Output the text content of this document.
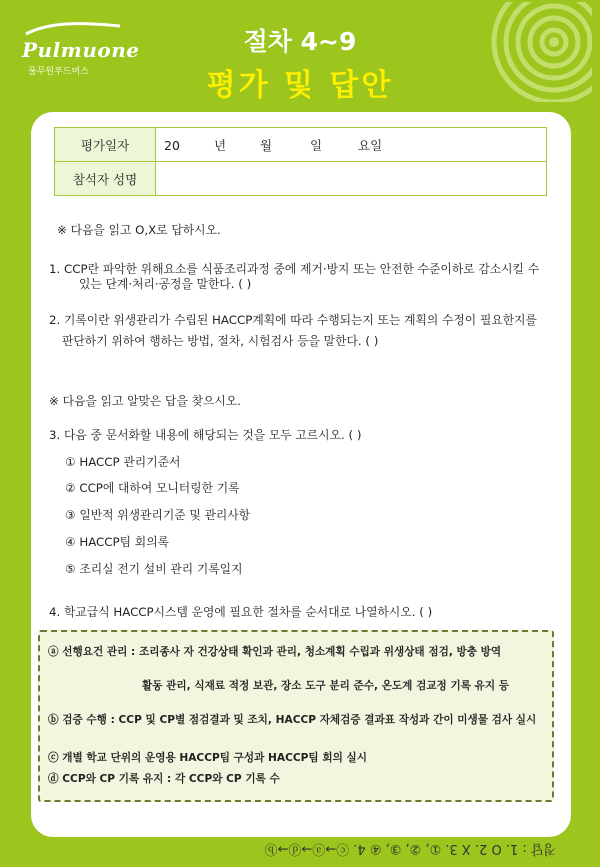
Pulmuone
풀무원푸드머스
절차 4~9
평가 및 답안
평가일자	20 년 월 일 요일
참석자 성명	
※ 다음을 읽고 O,X로 답하시오.
1. CCP란 파악한 위해요소를 식품조리과정 중에 제거·방지 또는 안전한 수준이하로 감소시킬 수
있는 단계·처리·공정을 말한다. ( )
2. 기록이란 위생관리가 수립된 HACCP계획에 따라 수행되는지 또는 계획의 수정이 필요한지를
판단하기 위하여 행하는 방법, 절차, 시험검사 등을 말한다. ( )
※ 다음을 읽고 알맞은 답을 찾으시오.
3. 다음 중 문서화할 내용에 해당되는 것을 모두 고르시오. ( )
① HACCP 관리기준서
② CCP에 대하여 모니터링한 기록
③ 일반적 위생관리기준 및 관리사항
④ HACCP팀 회의록
⑤ 조리실 전기 설비 관리 기록일지
4. 학교급식 HACCP시스템 운영에 필요한 절차를 순서대로 나열하시오. ( )
ⓐ 선행요건 관리 : 조리종사 자 건강상태 확인과 관리, 청소계획 수립과 위생상태 점검, 방충 방역
활동 관리, 식재료 적정 보관, 장소 도구 분리 준수, 온도계 검교정 기록 유지 등
ⓑ 검증 수행 : CCP 및 CP별 점검결과 및 조치, HACCP 자체검증 결과표 작성과 간이 미생물 검사 실시
ⓒ 개별 학교 단위의 운영용 HACCP팀 구성과 HACCP팀 회의 실시
ⓓ CCP와 CP 기록 유지 : 각 CCP와 CP 기록 수
정답 : 1. O 2. X 3. ①, ②, ③, ④ 4. ⓒ→ⓐ→ⓓ→ⓑ
